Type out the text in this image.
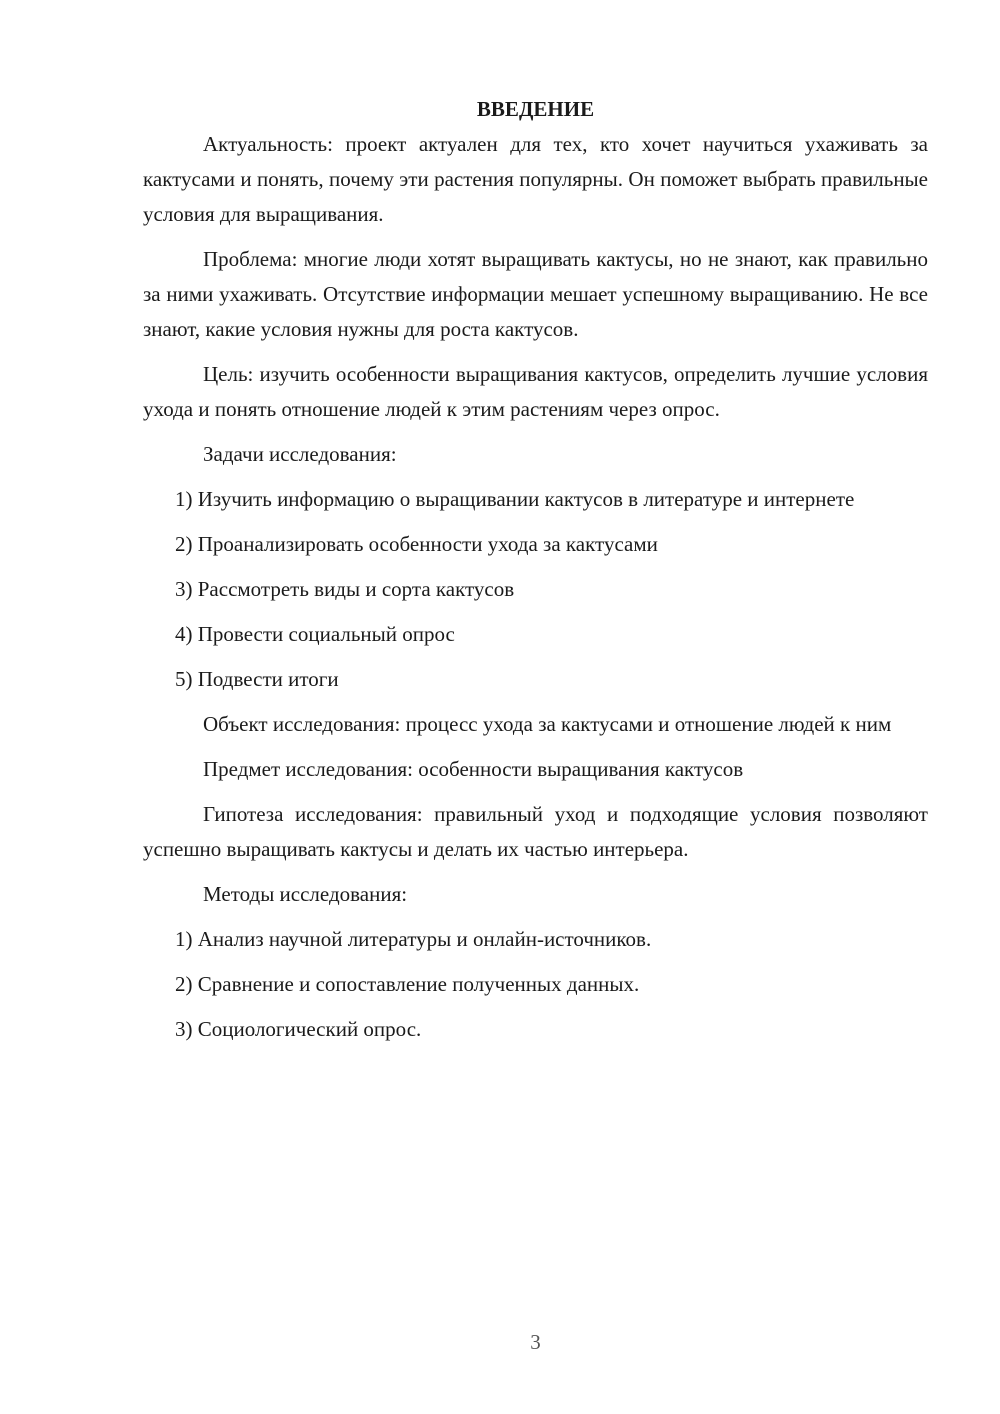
ВВЕДЕНИЕ

Актуальность: проект актуален для тех, кто хочет научиться ухаживать за кактусами и понять, почему эти растения популярны. Он поможет выбрать правильные условия для выращивания.

Проблема: многие люди хотят выращивать кактусы, но не знают, как правильно за ними ухаживать. Отсутствие информации мешает успешному выращиванию. Не все знают, какие условия нужны для роста кактусов.

Цель: изучить особенности выращивания кактусов, определить лучшие условия ухода и понять отношение людей к этим растениям через опрос.

Задачи исследования:

1) Изучить информацию о выращивании кактусов в литературе и интернете

2) Проанализировать особенности ухода за кактусами

3) Рассмотреть виды и сорта кактусов

4) Провести социальный опрос

5) Подвести итоги

Объект исследования: процесс ухода за кактусами и отношение людей к ним

Предмет исследования: особенности выращивания кактусов

Гипотеза исследования: правильный уход и подходящие условия позволяют успешно выращивать кактусы и делать их частью интерьера.

Методы исследования:

1) Анализ научной литературы и онлайн-источников.

2) Сравнение и сопоставление полученных данных.

3) Социологический опрос.

3
